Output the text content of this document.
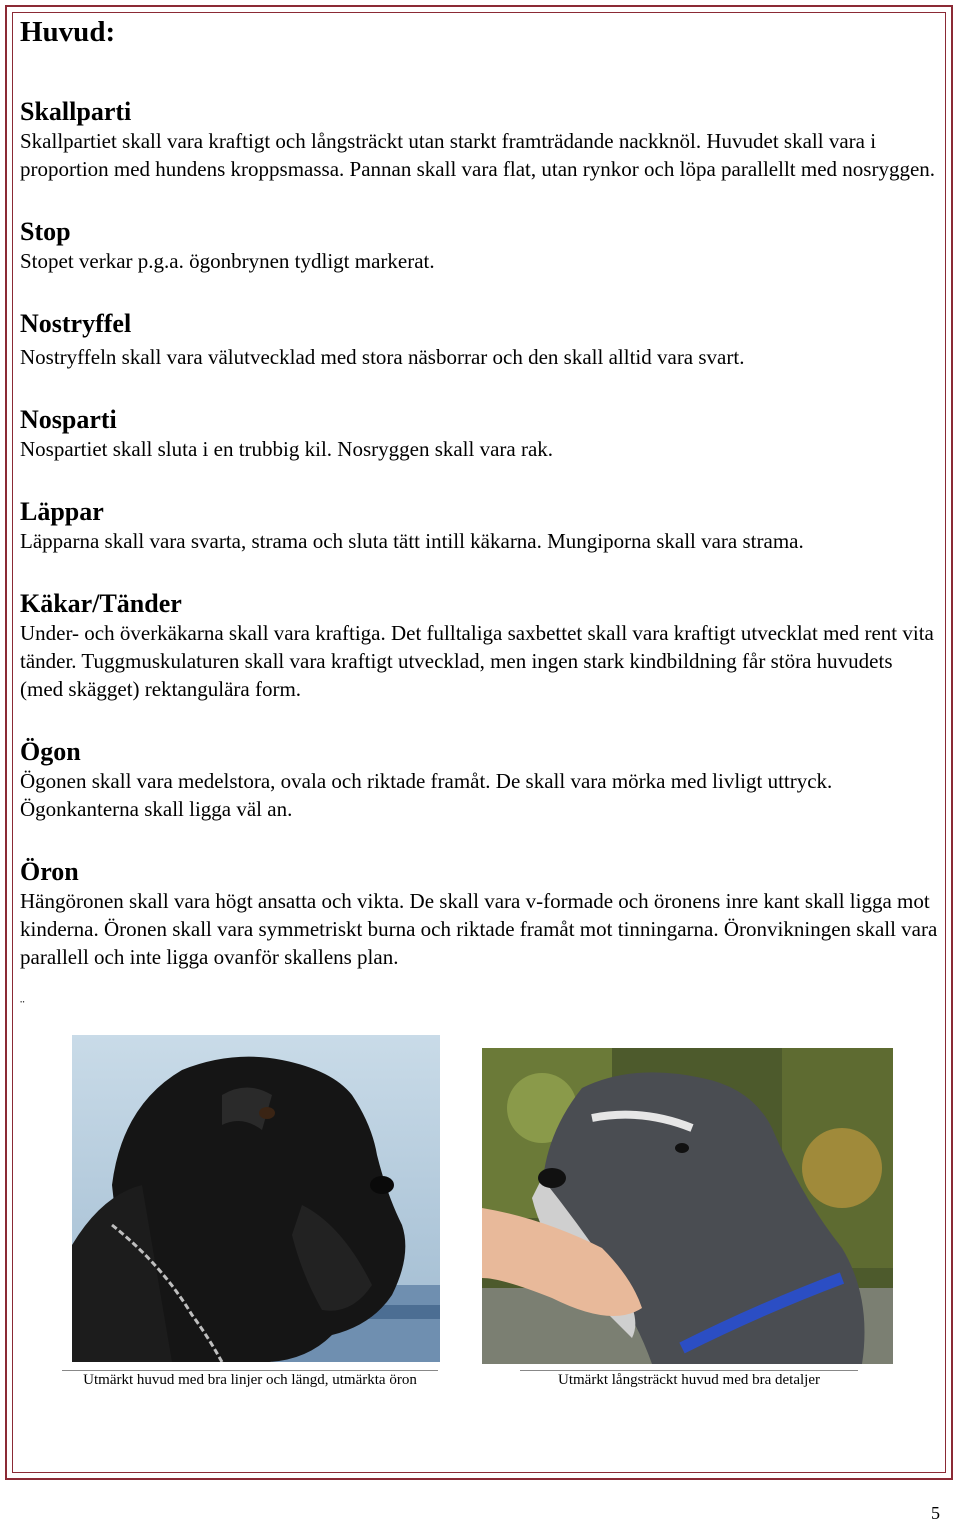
Huvud:
Skallparti

Skallpartiet skall vara kraftigt och långsträckt utan starkt framträdande nackknöl. Huvudet skall vara i proportion med hundens kroppsmassa. Pannan skall vara flat, utan rynkor och löpa parallellt med nosryggen.

Stop

Stopet verkar p.g.a. ögonbrynen tydligt markerat.

Nostryffel

Nostryffeln skall vara välutvecklad med stora näsborrar och den skall alltid vara svart.

Nosparti

Nospartiet skall sluta i en trubbig kil. Nosryggen skall vara rak.

Läppar

Läpparna skall vara svarta, strama och sluta tätt intill käkarna. Mungiporna skall vara strama.

Käkar/Tänder

Under- och överkäkarna skall vara kraftiga. Det fulltaliga saxbettet skall vara kraftigt utvecklat med rent vita tänder. Tuggmuskulaturen skall vara kraftigt utvecklad, men ingen stark kindbildning får störa huvudets (med skägget) rektangulära form.

Ögon

Ögonen skall vara medelstora, ovala och riktade framåt. De skall vara mörka med livligt uttryck. Ögonkanterna skall ligga väl an.

Öron

Hängöronen skall vara högt ansatta och vikta. De skall vara v-formade och öronens inre kant skall ligga mot kinderna. Öronen skall vara symmetriskt burna och riktade framåt mot tinningarna. Öronvikningen skall vara parallell och inte ligga ovanför skallens plan.

¨
Utmärkt huvud med bra linjer och längd, utmärkta öron	Utmärkt långsträckt huvud med bra detaljer
5
